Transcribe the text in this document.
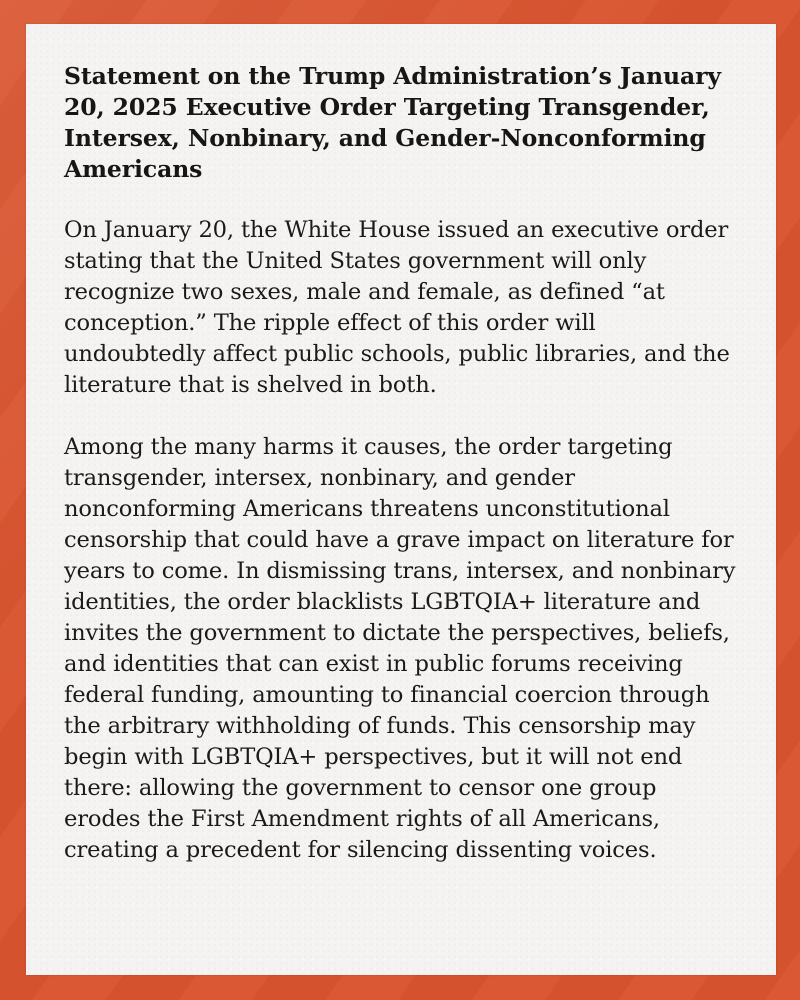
Statement on the Trump Administration’s January 20, 2025 Executive Order Targeting Transgender, Intersex, Nonbinary, and Gender-Nonconforming Americans
On January 20, the White House issued an executive order stating that the United States government will only recognize two sexes, male and female, as defined “at conception.” The ripple effect of this order will undoubtedly affect public schools, public libraries, and the literature that is shelved in both.
Among the many harms it causes, the order targeting transgender, intersex, nonbinary, and gender nonconforming Americans threatens unconstitutional censorship that could have a grave impact on literature for years to come. In dismissing trans, intersex, and nonbinary identities, the order blacklists LGBTQIA+ literature and invites the government to dictate the perspectives, beliefs, and identities that can exist in public forums receiving federal funding, amounting to financial coercion through the arbitrary withholding of funds. This censorship may begin with LGBTQIA+ perspectives, but it will not end there: allowing the government to censor one group erodes the First Amendment rights of all Americans, creating a precedent for silencing dissenting voices.
